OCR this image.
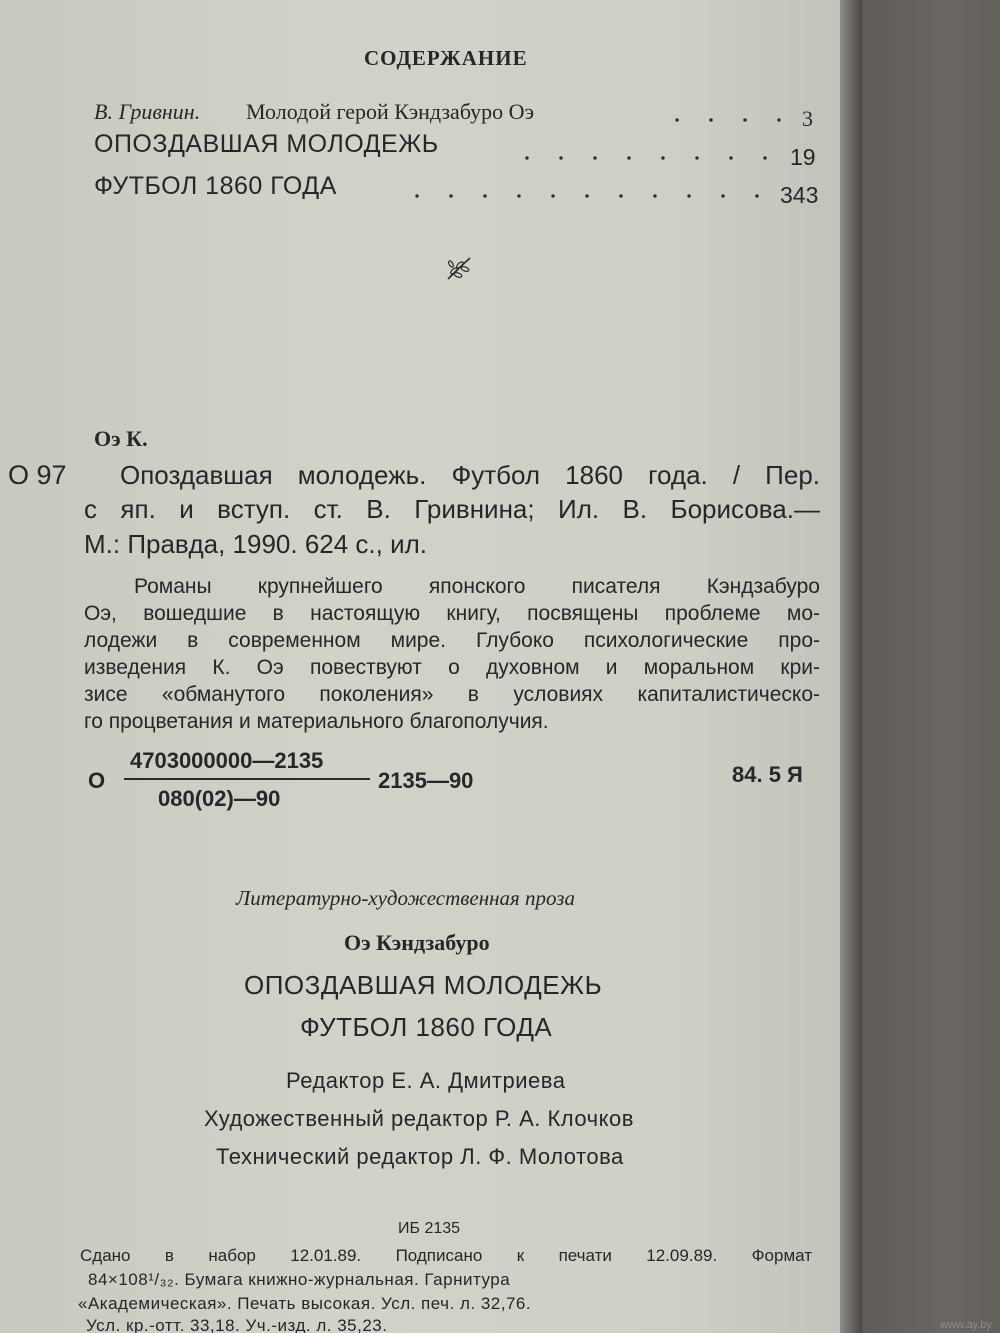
СОДЕРЖАНИЕ
В. Гривнин. Молодой герой Кэндзабуро Оэ	3
ОПОЗДАВШАЯ МОЛОДЕЖЬ	19
ФУТБОЛ 1860 ГОДА	343
Оэ К.
О 97 Опоздавшая молодежь. Футбол 1860 года. / Пер.
с яп. и вступ. ст. В. Гривнина; Ил. В. Борисова.—
М.: Правда, 1990. 624 с., ил.
Романы крупнейшего японского писателя Кэндзабуро
Оэ, вошедшие в настоящую книгу, посвящены проблеме мо-
лодежи в современном мире. Глубоко психологические про-
изведения К. Оэ повествуют о духовном и моральном кри-
зисе «обманутого поколения» в условиях капиталистическо-
го процветания и материального благополучия.
О
4703000000—2135
080(02)—90
2135—90	84. 5 Я
Литературно-художественная проза
Оэ Кэндзабуро
ОПОЗДАВШАЯ МОЛОДЕЖЬ
ФУТБОЛ 1860 ГОДА
Редактор Е. А. Дмитриева
Художественный редактор Р. А. Клочков
Технический редактор Л. Ф. Молотова
ИБ 2135
Сдано в набор 12.01.89. Подписано к печати 12.09.89. Формат
84×108¹/₃₂. Бумага книжно-журнальная. Гарнитура
«Академическая». Печать высокая. Усл. печ. л. 32,76.
Усл. кр.-отт. 33,18. Уч.-изд. л. 35,23.	www.ay.by
